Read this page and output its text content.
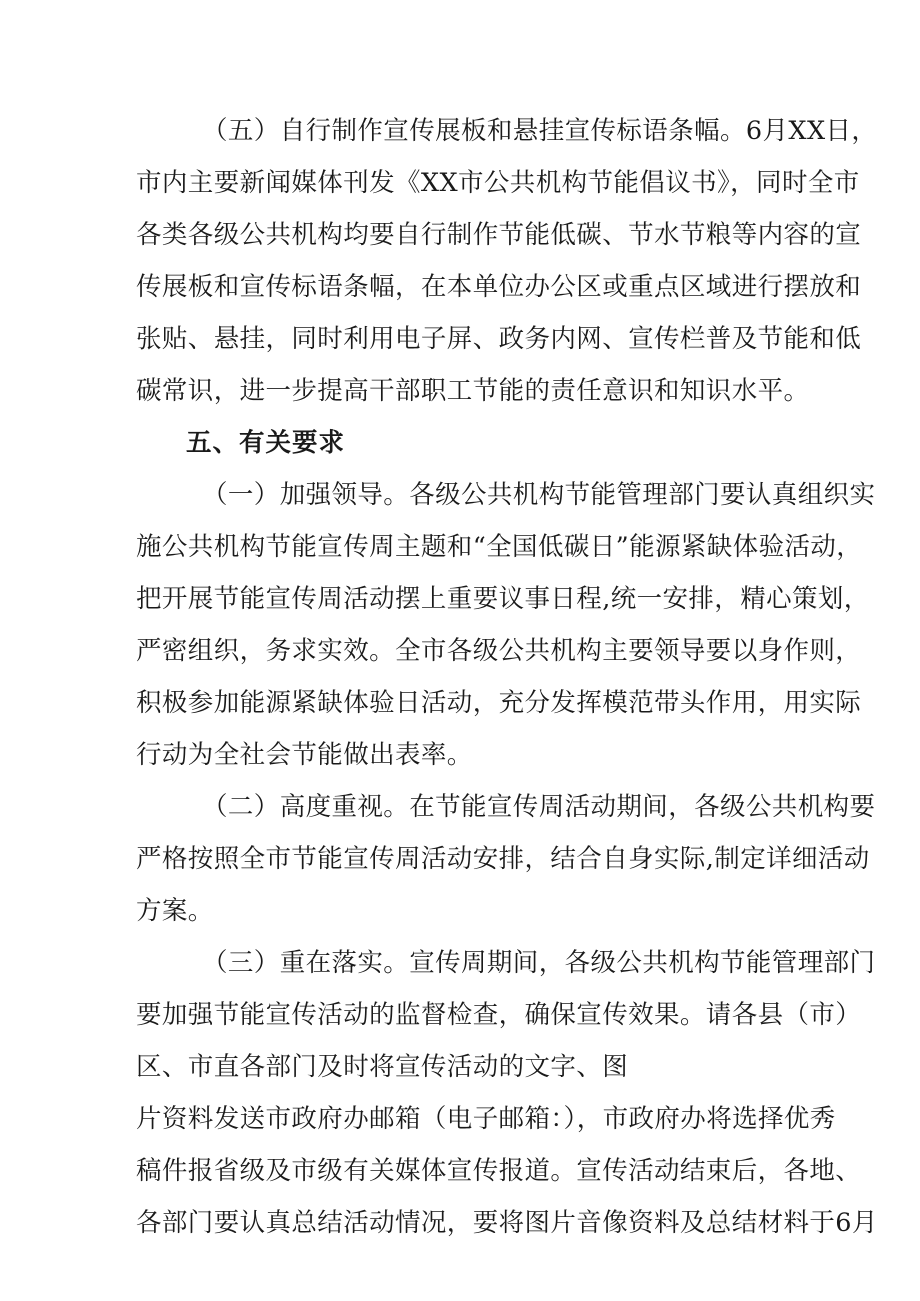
（五）自行制作宣传展板和悬挂宣传标语条幅。6月XX日，
市内主要新闻媒体刊发《XX市公共机构节能倡议书》，同时全市
各类各级公共机构均要自行制作节能低碳、节水节粮等内容的宣
传展板和宣传标语条幅，在本单位办公区或重点区域进行摆放和
张贴、悬挂，同时利用电子屏、政务内网、宣传栏普及节能和低
碳常识，进一步提高干部职工节能的责任意识和知识水平。
五、有关要求
（一）加强领导。各级公共机构节能管理部门要认真组织实
施公共机构节能宣传周主题和“全国低碳日”能源紧缺体验活动，
把开展节能宣传周活动摆上重要议事日程,统一安排，精心策划，
严密组织，务求实效。全市各级公共机构主要领导要以身作则，
积极参加能源紧缺体验日活动，充分发挥模范带头作用，用实际
行动为全社会节能做出表率。
（二）高度重视。在节能宣传周活动期间，各级公共机构要
严格按照全市节能宣传周活动安排，结合自身实际,制定详细活动
方案。
（三）重在落实。宣传周期间，各级公共机构节能管理部门
要加强节能宣传活动的监督检查，确保宣传效果。请各县（市）
区、市直各部门及时将宣传活动的文字、图
片资料发送市政府办邮箱（电子邮箱：），市政府办将选择优秀
稿件报省级及市级有关媒体宣传报道。宣传活动结束后，各地、
各部门要认真总结活动情况，要将图片音像资料及总结材料于6月
